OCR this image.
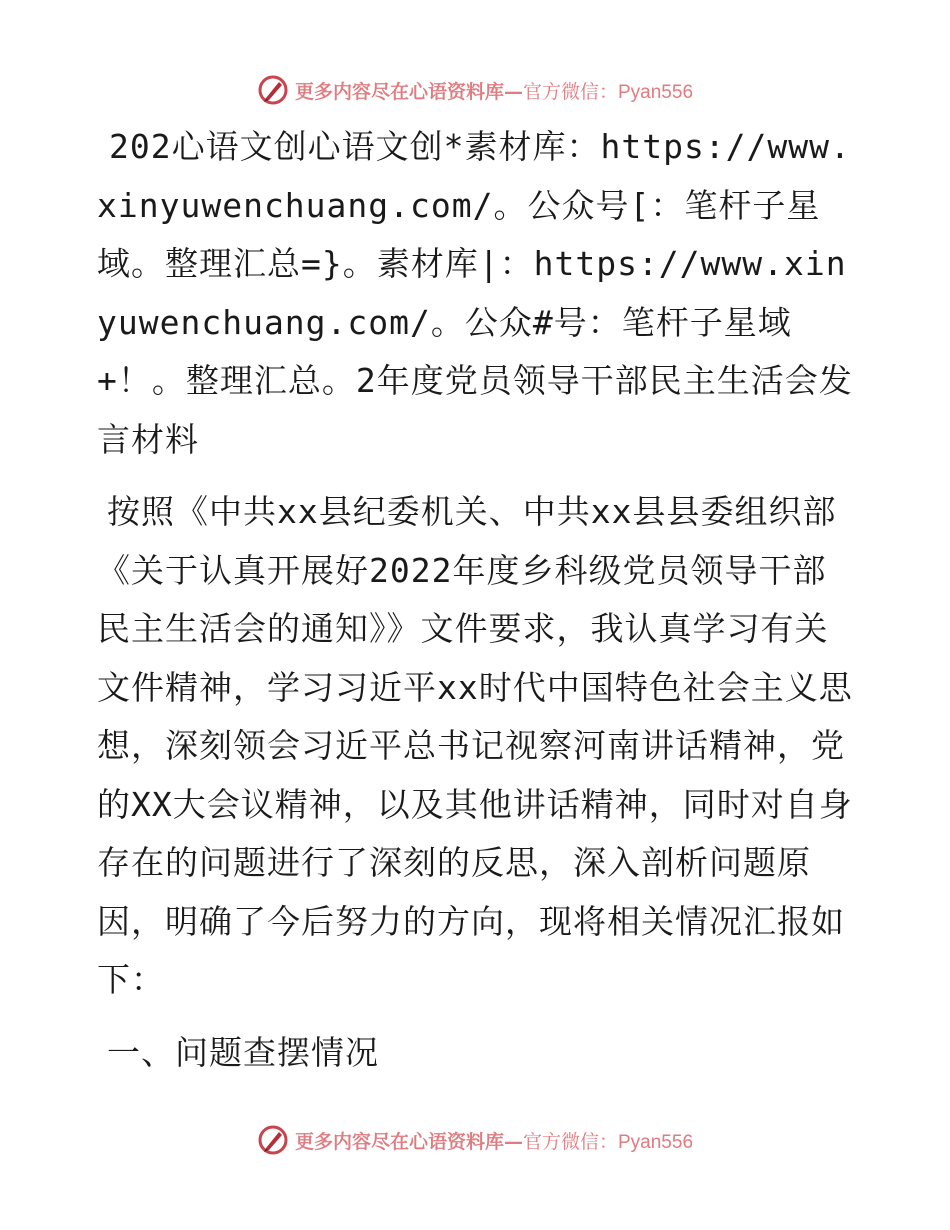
更多内容尽在心语资料库—官方微信：Pyan556

202心语文创心语文创*素材库：https://www.xinyuwenchuang.com/。公众号[：笔杆子星域。整理汇总=}。素材库|：https://www.xinyuwenchuang.com/。公众#号：笔杆子星域+！。整理汇总。2年度党员领导干部民主生活会发言材料

按照《中共xx县纪委机关、中共xx县县委组织部《关于认真开展好2022年度乡科级党员领导干部民主生活会的通知》》文件要求，我认真学习有关文件精神，学习习近平xx时代中国特色社会主义思想，深刻领会习近平总书记视察河南讲话精神，党的XX大会议精神，以及其他讲话精神，同时对自身存在的问题进行了深刻的反思，深入剖析问题原因，明确了今后努力的方向，现将相关情况汇报如下：

一、问题查摆情况

更多内容尽在心语资料库—官方微信：Pyan556
